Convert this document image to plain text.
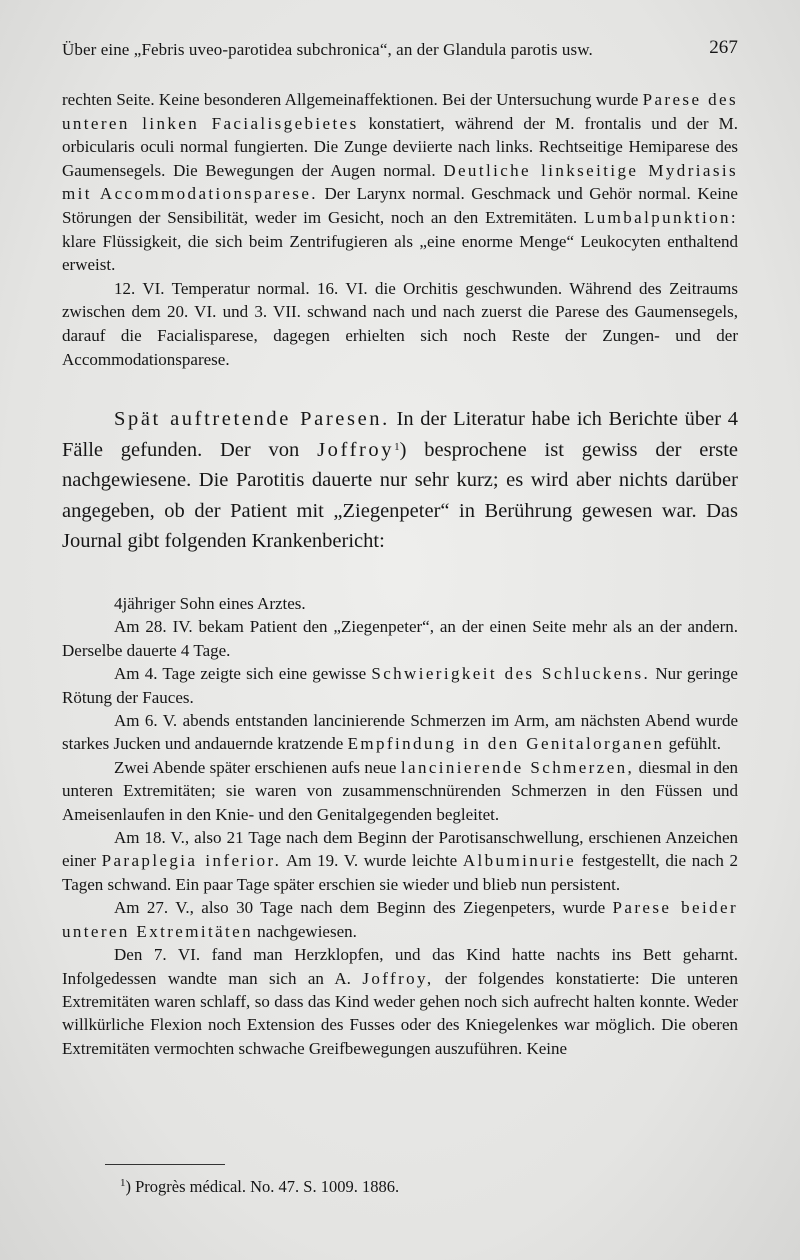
Über eine „Febris uveo-parotidea subchronica“, an der Glandula parotis usw.	267

rechten Seite. Keine besonderen Allgemeinaffektionen. Bei der Untersuchung wurde Parese des unteren linken Facialisgebietes konstatiert, während der M. frontalis und der M. orbicularis oculi normal fungierten. Die Zunge deviierte nach links. Rechtseitige Hemiparese des Gaumensegels. Die Bewegungen der Augen normal. Deutliche linkseitige Mydriasis mit Accommodationsparese. Der Larynx normal. Geschmack und Gehör normal. Keine Störungen der Sensibilität, weder im Gesicht, noch an den Extremitäten. Lumbalpunktion: klare Flüssigkeit, die sich beim Zentrifugieren als „eine enorme Menge“ Leukocyten enthaltend erweist.

12. VI. Temperatur normal. 16. VI. die Orchitis geschwunden. Während des Zeitraums zwischen dem 20. VI. und 3. VII. schwand nach und nach zuerst die Parese des Gaumensegels, darauf die Facialisparese, dagegen erhielten sich noch Reste der Zungen- und der Accommodationsparese.

Spät auftretende Paresen. In der Literatur habe ich Berichte über 4 Fälle gefunden. Der von Joffroy$^1$) besprochene ist gewiss der erste nachgewiesene. Die Parotitis dauerte nur sehr kurz; es wird aber nichts darüber angegeben, ob der Patient mit „Ziegenpeter“ in Berührung gewesen war. Das Journal gibt folgenden Krankenbericht:

4jähriger Sohn eines Arztes.

Am 28. IV. bekam Patient den „Ziegenpeter“, an der einen Seite mehr als an der andern. Derselbe dauerte 4 Tage.

Am 4. Tage zeigte sich eine gewisse Schwierigkeit des Schluckens. Nur geringe Rötung der Fauces.

Am 6. V. abends entstanden lancinierende Schmerzen im Arm, am nächsten Abend wurde starkes Jucken und andauernde kratzende Empfindung in den Genitalorganen gefühlt.

Zwei Abende später erschienen aufs neue lancinierende Schmerzen, diesmal in den unteren Extremitäten; sie waren von zusammenschnürenden Schmerzen in den Füssen und Ameisenlaufen in den Knie- und den Genitalgegenden begleitet.

Am 18. V., also 21 Tage nach dem Beginn der Parotisanschwellung, erschienen Anzeichen einer Paraplegia inferior. Am 19. V. wurde leichte Albuminurie festgestellt, die nach 2 Tagen schwand. Ein paar Tage später erschien sie wieder und blieb nun persistent.

Am 27. V., also 30 Tage nach dem Beginn des Ziegenpeters, wurde Parese beider unteren Extremitäten nachgewiesen.

Den 7. VI. fand man Herzklopfen, und das Kind hatte nachts ins Bett geharnt. Infolgedessen wandte man sich an A. Joffroy, der folgendes konstatierte: Die unteren Extremitäten waren schlaff, so dass das Kind weder gehen noch sich aufrecht halten konnte. Weder willkürliche Flexion noch Extension des Fusses oder des Kniegelenkes war möglich. Die oberen Extremitäten vermochten schwache Greifbewegungen auszuführen. Keine

$^1$) Progrès médical. No. 47. S. 1009. 1886.
